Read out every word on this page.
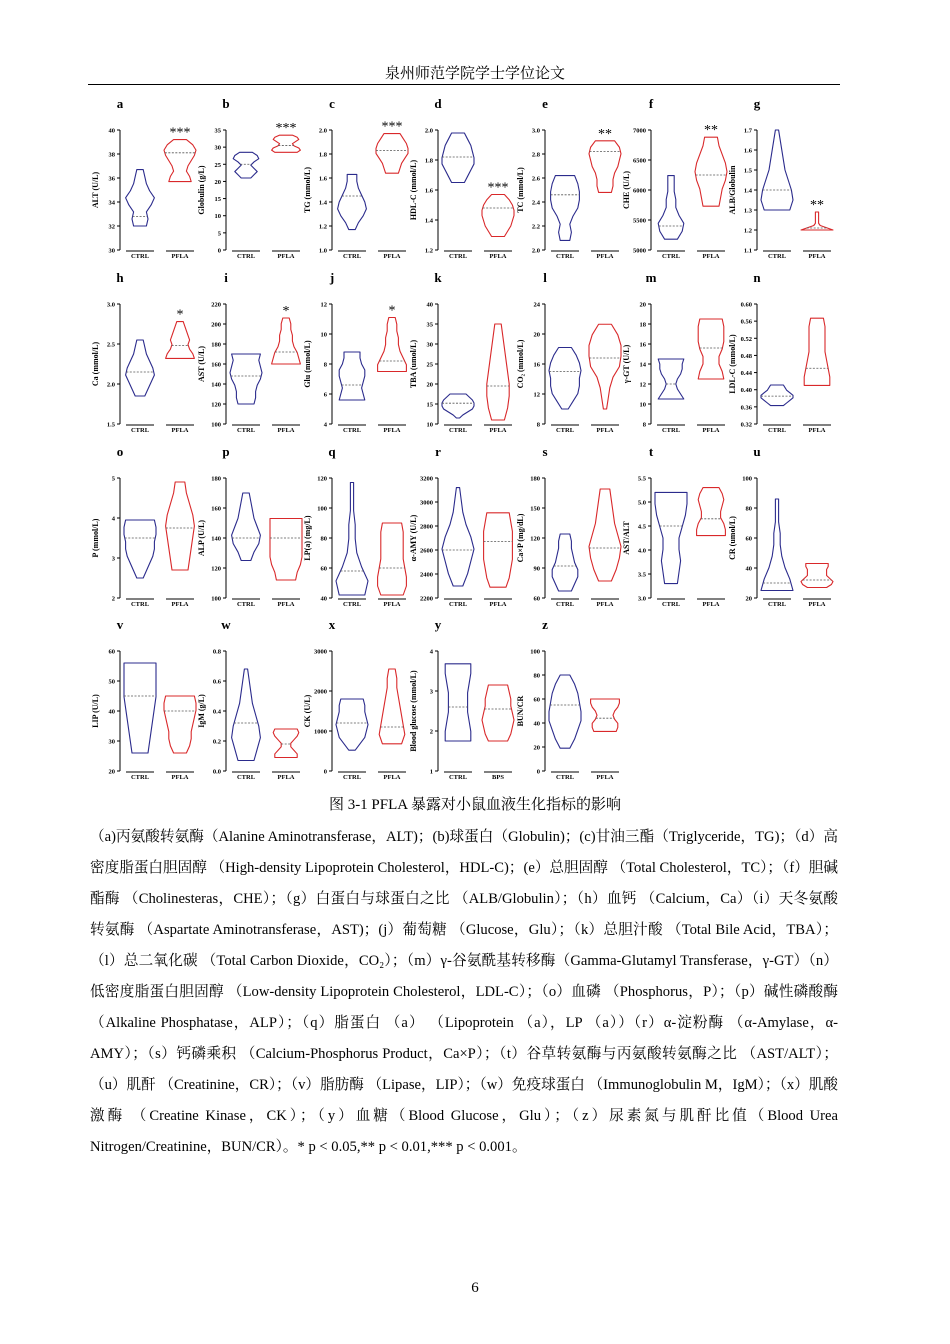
泉州师范学院学士学位论文
a
30
32
34
36
38
40
ALT (U/L)
CTRL	PFLA
***
b
0
5
10
15
20
25
30
35
Globulin (g/L)
CTRL	PFLA
***
c
1.0
1.2
1.4
1.6
1.8
2.0
TG (mmol/L)
CTRL	PFLA
***
d
1.2
1.4
1.6
1.8
2.0
HDL-C (mmol/L)
CTRL	PFLA
***
e
2.0
2.2
2.4
2.6
2.8
3.0
TC (mmol/L)
CTRL	PFLA
**
f
5000
5500
6000
6500
7000
CHE (U/L)
CTRL	PFLA
**
g
1.1
1.2
1.3
1.4
1.5
1.6
1.7
ALB/Globulin
CTRL	PFLA
**
h
1.5
2.0
2.5
3.0
Ca (mmol/L)
CTRL	PFLA
*
i
100
120
140
160
180
200
220
AST (U/L)
CTRL	PFLA
*
j
4
6
8
10
12
Glu (mmol/L)
CTRL	PFLA
*
k
10
15
20
25
30
35
40
TBA (umol/L)
CTRL	PFLA
l
8
12
16
20
24
CO₂ (mmol/L)
CTRL	PFLA
m
8
10
12
14
16
18
20
γ-GT (U/L)
CTRL	PFLA
n
0.32
0.36
0.40
0.44
0.48
0.52
0.56
0.60
LDL-C (mmol/L)
CTRL	PFLA
o
2
3
4
5
P (mmol/L)
CTRL	PFLA
p
100
120
140
160
180
ALP (U/L)
CTRL	PFLA
q
40
60
80
100
120
LP(a) (mg/L)
CTRL	PFLA
r
2200
2400
2600
2800
3000
3200
α-AMY (U/L)
CTRL	PFLA
s
60
90
120
150
180
Ca×P (mg/dL)
CTRL	PFLA
t
3.0
3.5
4.0
4.5
5.0
5.5
AST/ALT
CTRL	PFLA
u
20
40
60
80
100
CR (umol/L)
CTRL	PFLA
v
20
30
40
50
60
LIP (U/L)
CTRL	PFLA
w
0.0
0.2
0.4
0.6
0.8
IgM (g/L)
CTRL	PFLA
x
0
1000
2000
3000
CK (U/L)
CTRL	PFLA
y
1
2
3
4
Blood glucose (mmol/L)
CTRL	BPS
z
0
20
40
60
80
100
BUN/CR
CTRL	PFLA
图 3-1 PFLA 暴露对小鼠血液生化指标的影响
（a)丙氨酸转氨酶（Alanine Aminotransferase，ALT)；(b)球蛋白（Globulin)；(c)甘油三酯（Triglyceride，TG)；（d）高密度脂蛋白胆固醇 （High-density Lipoprotein Cholesterol，HDL-C)；(e）总胆固醇 （Total Cholesterol，TC）；（f）胆碱酯酶 （Cholinesteras，CHE）；（g）白蛋白与球蛋白之比 （ALB/Globulin）；（h）血钙 （Calcium，Ca）（i）天冬氨酸转氨酶 （Aspartate Aminotransferase，AST)；(j）葡萄糖 （Glucose，Glu）；（k）总胆汁酸 （Total Bile Acid，TBA）；（l）总二氧化碳 （Total Carbon Dioxide，CO₂）；（m）γ-谷氨酰基转移酶（Gamma-Glutamyl Transferase，γ-GT）（n）低密度脂蛋白胆固醇 （Low-density Lipoprotein Cholesterol，LDL-C）；（o）血磷 （Phosphorus，P）；（p）碱性磷酸酶 （Alkaline Phosphatase，ALP）；（q）脂蛋白 （a） （Lipoprotein （a），LP （a））（r）α-淀粉酶 （α-Amylase，α-AMY）；（s）钙磷乘积 （Calcium-Phosphorus Product，Ca×P）；（t）谷草转氨酶与丙氨酸转氨酶之比 （AST/ALT）；（u）肌酐 （Creatinine，CR）；（v）脂肪酶 （Lipase，LIP）；（w）免疫球蛋白 （Immunoglobulin M，IgM）；（x）肌酸激酶 （Creatine Kinase，CK）；（y）血糖（Blood Glucose，Glu）；（z）尿素氮与肌酐比值（Blood Urea Nitrogen/Creatinine，BUN/CR）。* p < 0.05,** p < 0.01,*** p < 0.001。
6
